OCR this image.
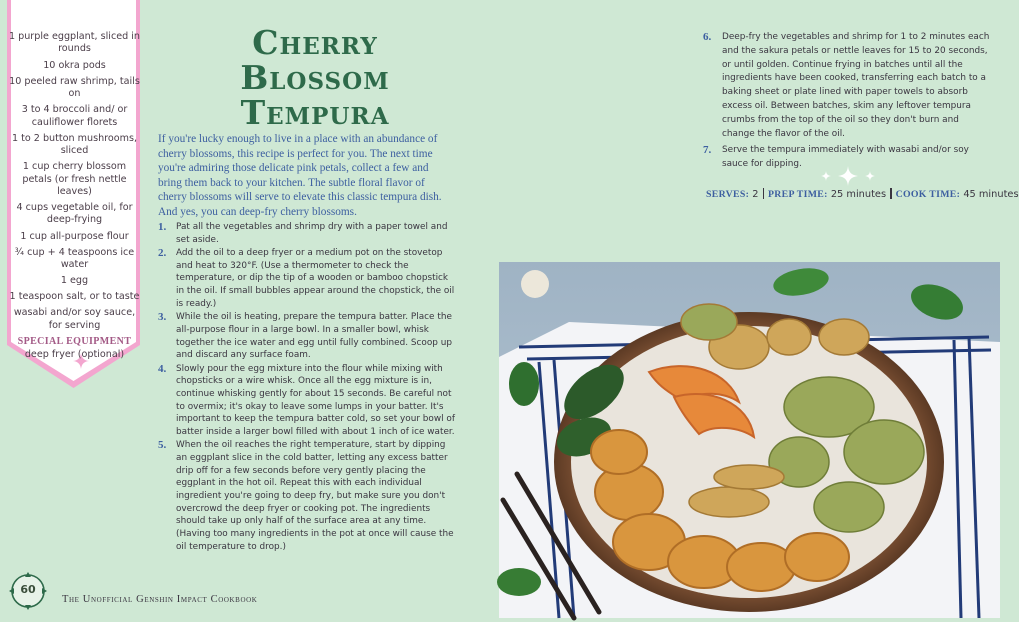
1 purple eggplant, sliced in rounds
10 okra pods
10 peeled raw shrimp, tails on
3 to 4 broccoli and/ or cauliflower florets
1 to 2 button mushrooms, sliced
1 cup cherry blossom petals (or fresh nettle leaves)
4 cups vegetable oil, for deep-frying
1 cup all-purpose flour
¾ cup + 4 teaspoons ice water
1 egg
1 teaspoon salt, or to taste
wasabi and/or soy sauce, for serving
SPECIAL EQUIPMENT
deep fryer (optional)
Cherry
Blossom
Tempura
If you're lucky enough to live in a place with an abundance of cherry blossoms, this recipe is perfect for you. The next time you're admiring those delicate pink petals, collect a few and bring them back to your kitchen. The subtle floral flavor of cherry blossoms will serve to elevate this classic tempura dish. And yes, you can deep-fry cherry blossoms.
1. Pat all the vegetables and shrimp dry with a paper towel and set aside.
2. Add the oil to a deep fryer or a medium pot on the stovetop and heat to 320°F. (Use a thermometer to check the temperature, or dip the tip of a wooden or bamboo chopstick in the oil. If small bubbles appear around the chopstick, the oil is ready.)
3. While the oil is heating, prepare the tempura batter. Place the all-purpose flour in a large bowl. In a smaller bowl, whisk together the ice water and egg until fully combined. Scoop up and discard any surface foam.
4. Slowly pour the egg mixture into the flour while mixing with chopsticks or a wire whisk. Once all the egg mixture is in, continue whisking gently for about 15 seconds. Be careful not to overmix; it's okay to leave some lumps in your batter. It's important to keep the tempura batter cold, so set your bowl of batter inside a larger bowl filled with about 1 inch of ice water.
5. When the oil reaches the right temperature, start by dipping an eggplant slice in the cold batter, letting any excess batter drip off for a few seconds before very gently placing the eggplant in the hot oil. Repeat this with each individual ingredient you're going to deep fry, but make sure you don't overcrowd the deep fryer or cooking pot. The ingredients should take up only half of the surface area at any time. (Having too many ingredients in the pot at once will cause the oil temperature to drop.)
6. Deep-fry the vegetables and shrimp for 1 to 2 minutes each and the sakura petals or nettle leaves for 15 to 20 seconds, or until golden. Continue frying in batches until all the ingredients have been cooked, transferring each batch to a baking sheet or plate lined with paper towels to absorb excess oil. Between batches, skim any leftover tempura crumbs from the top of the oil so they don't burn and change the flavor of the oil.
7. Serve the tempura immediately with wasabi and/or soy sauce for dipping.
SERVES: 2 PREP TIME: 25 minutes COOK TIME: 45 minutes
60
The Unofficial Genshin Impact Cookbook
